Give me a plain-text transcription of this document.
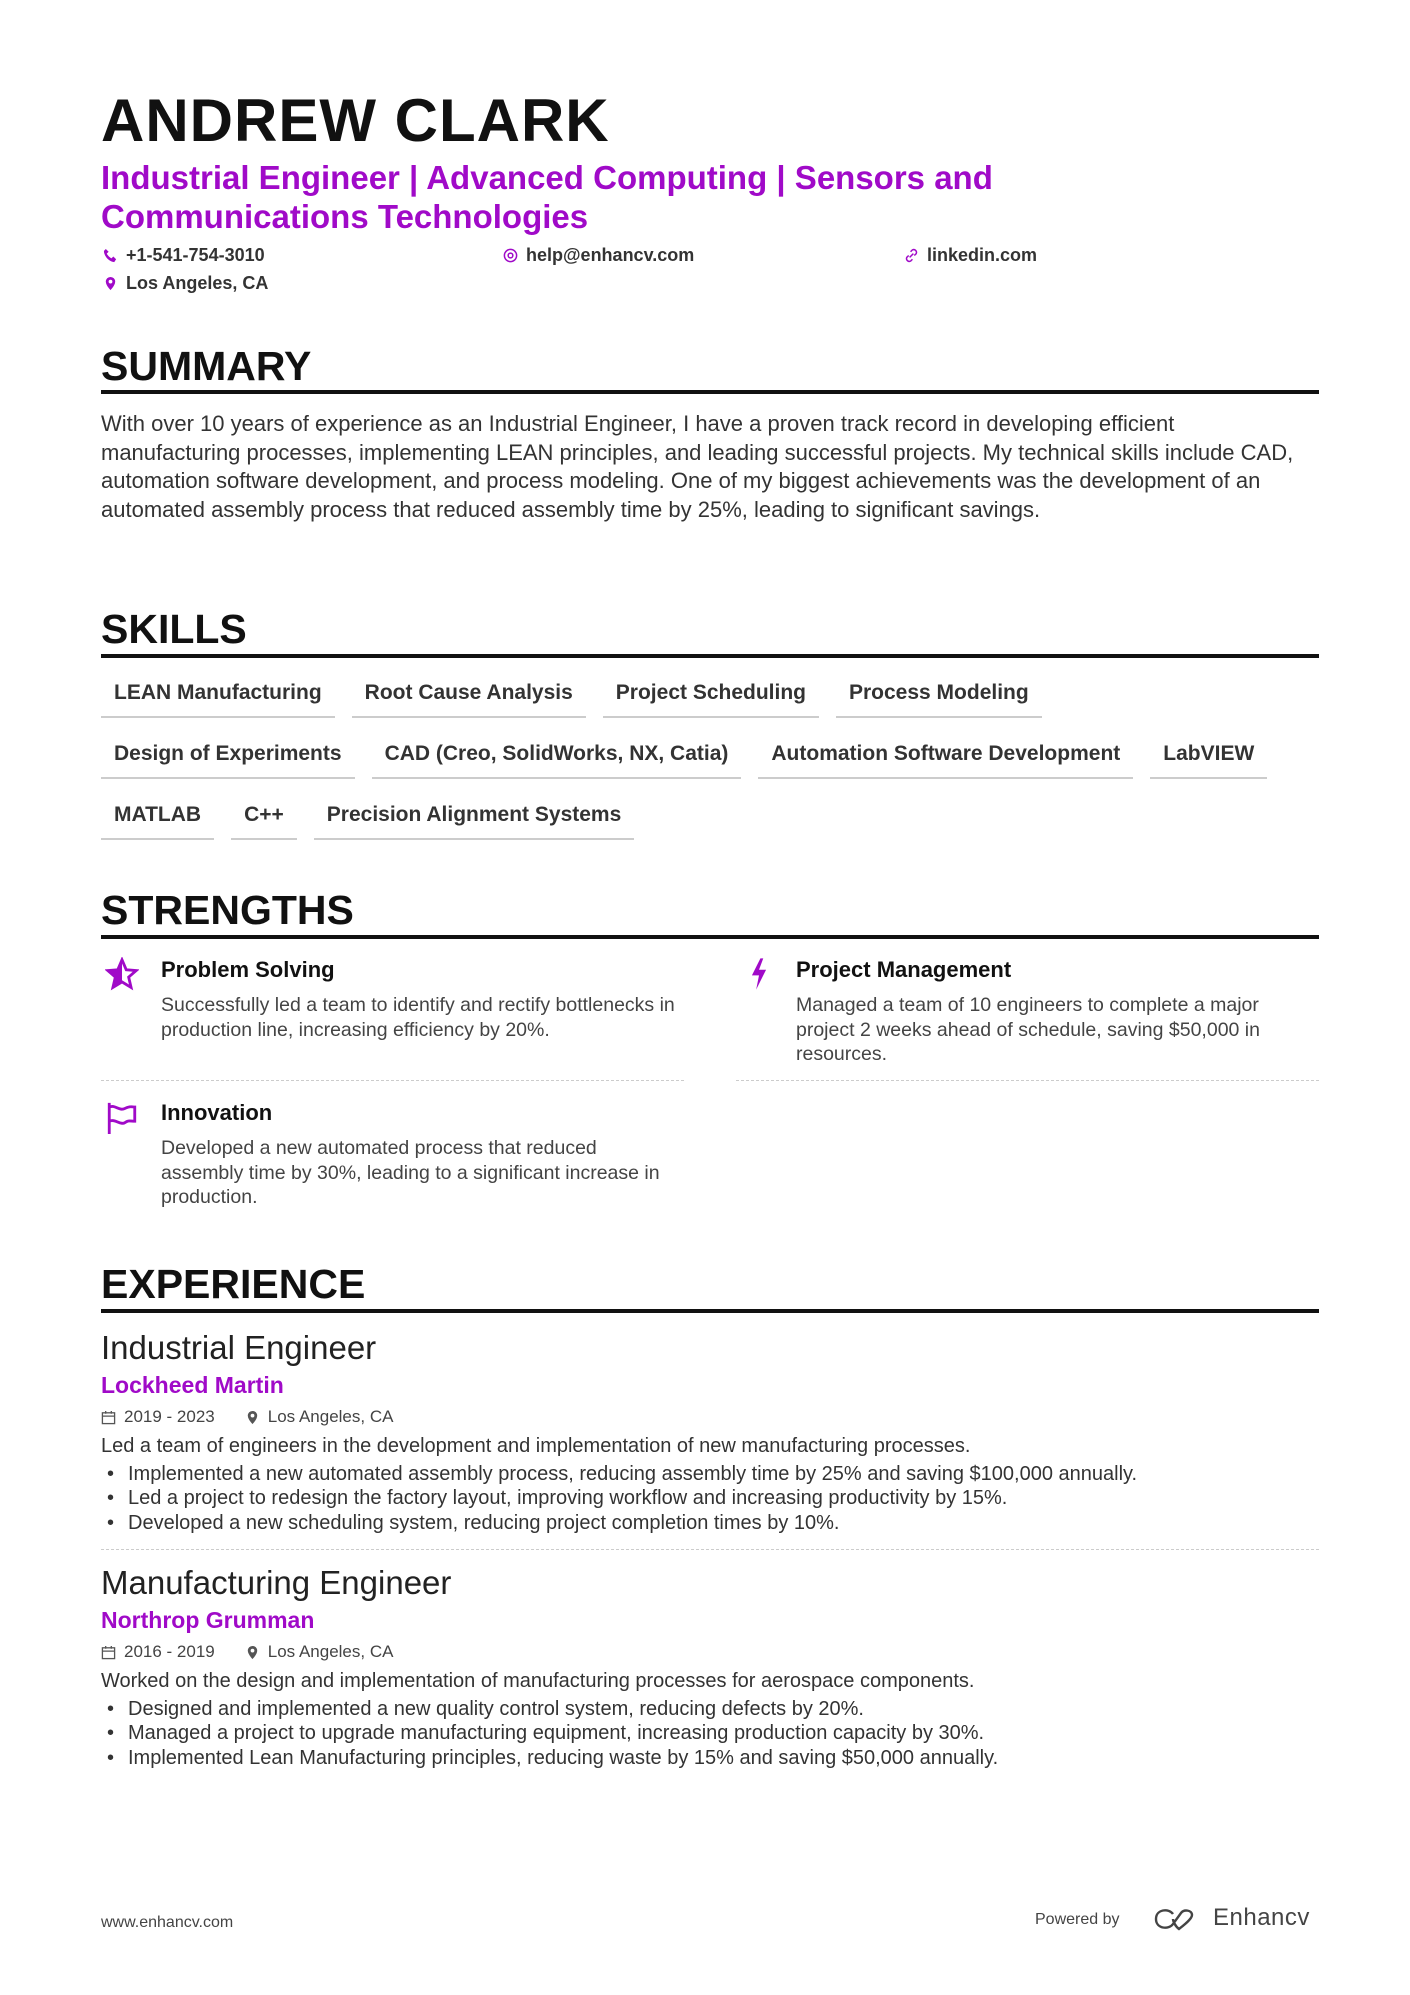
ANDREW CLARK
Industrial Engineer | Advanced Computing | Sensors and Communications Technologies
+1-541-754-3010	help@enhancv.com	linkedin.com
Los Angeles, CA
SUMMARY
With over 10 years of experience as an Industrial Engineer, I have a proven track record in developing efficient manufacturing processes, implementing LEAN principles, and leading successful projects. My technical skills include CAD, automation software development, and process modeling. One of my biggest achievements was the development of an automated assembly process that reduced assembly time by 25%, leading to significant savings.
SKILLS
LEAN Manufacturing	Root Cause Analysis	Project Scheduling	Process Modeling
Design of Experiments	CAD (Creo, SolidWorks, NX, Catia)	Automation Software Development	LabVIEW
MATLAB	C++	Precision Alignment Systems
STRENGTHS
Problem Solving

Successfully led a team to identify and rectify bottlenecks in production line, increasing efficiency by 20%.

Project Management

Managed a team of 10 engineers to complete a major project 2 weeks ahead of schedule, saving $50,000 in resources.

Innovation

Developed a new automated process that reduced assembly time by 30%, leading to a significant increase in production.

EXPERIENCE
Industrial Engineer
Lockheed Martin
2019 - 2023	Los Angeles, CA
Led a team of engineers in the development and implementation of new manufacturing processes.
• Implemented a new automated assembly process, reducing assembly time by 25% and saving $100,000 annually.
• Led a project to redesign the factory layout, improving workflow and increasing productivity by 15%.
• Developed a new scheduling system, reducing project completion times by 10%.
Manufacturing Engineer
Northrop Grumman
2016 - 2019	Los Angeles, CA
Worked on the design and implementation of manufacturing processes for aerospace components.
• Designed and implemented a new quality control system, reducing defects by 20%.
• Managed a project to upgrade manufacturing equipment, increasing production capacity by 30%.
• Implemented Lean Manufacturing principles, reducing waste by 15% and saving $50,000 annually.
www.enhancv.com	Powered by	Enhancv
